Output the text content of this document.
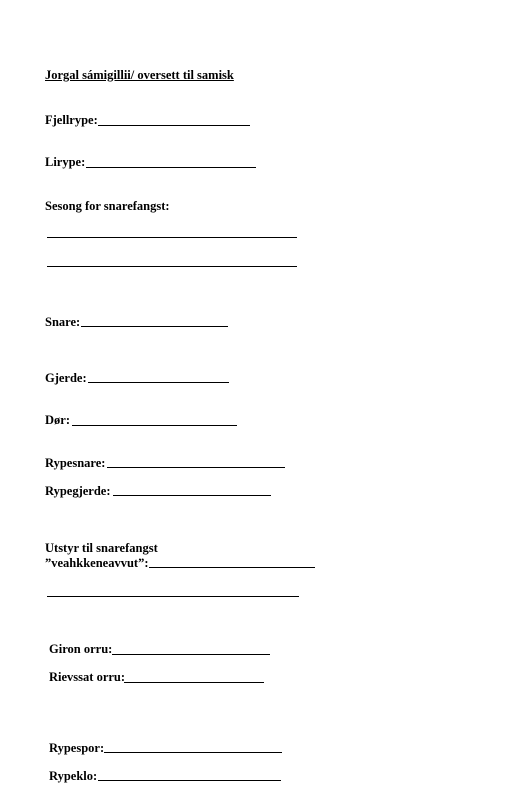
Jorgal sámigillii/ oversett til samisk
Fjellrype:
Lirype:
Sesong for snarefangst:
Snare:
Gjerde:
Dør:
Rypesnare:
Rypegjerde:
Utstyr til snarefangst
”veahkkeneavvut”:
Giron orru:
Rievssat orru:
Rypespor:
Rypeklo:
